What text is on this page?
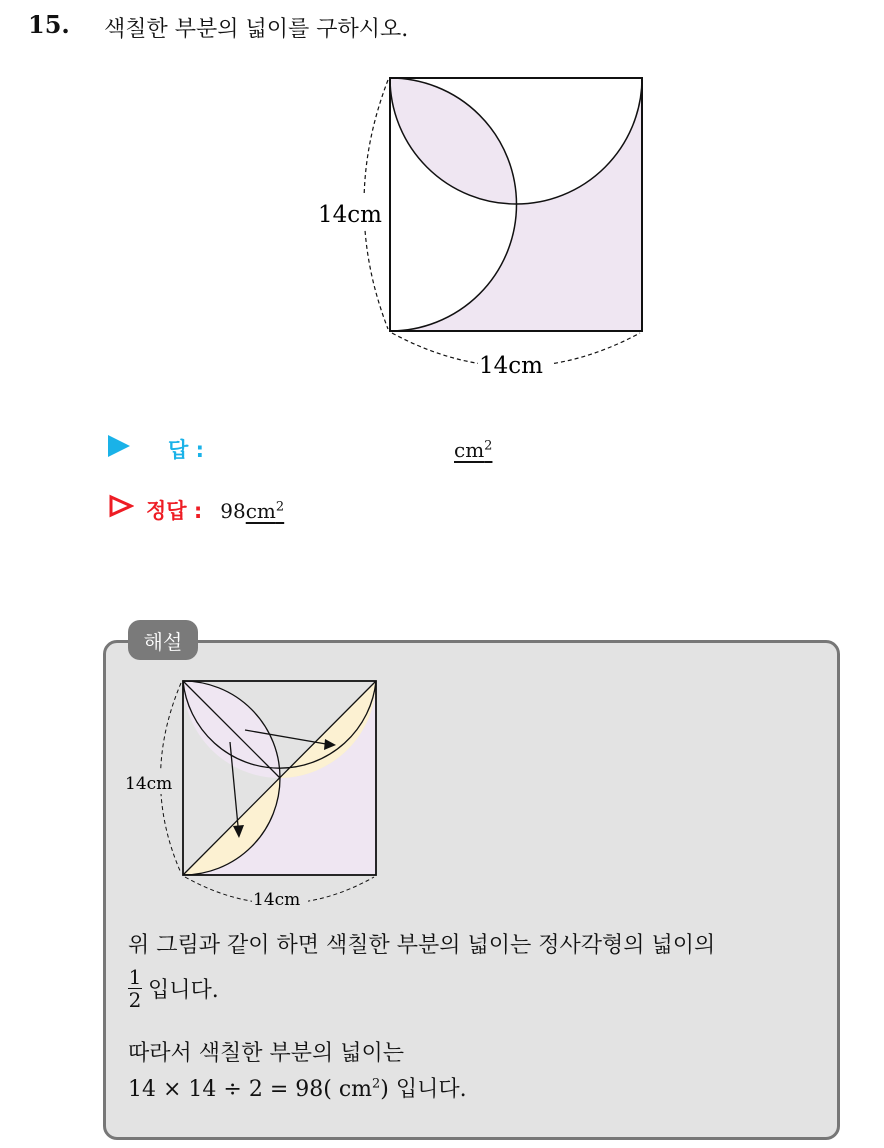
15. 색칠한 부분의 넓이를 구하시오.
14cm
14cm
답 :	$cm^2$
정답 : 98 $cm^2$
해설
14cm
14cm
위 그림과 같이 하면 색칠한 부분의 넓이는 정사각형의 넓이의
$\frac{1}{2}$ 입니다.
따라서 색칠한 부분의 넓이는
14 × 14 ÷ 2 = 98( $cm^2$) 입니다.
